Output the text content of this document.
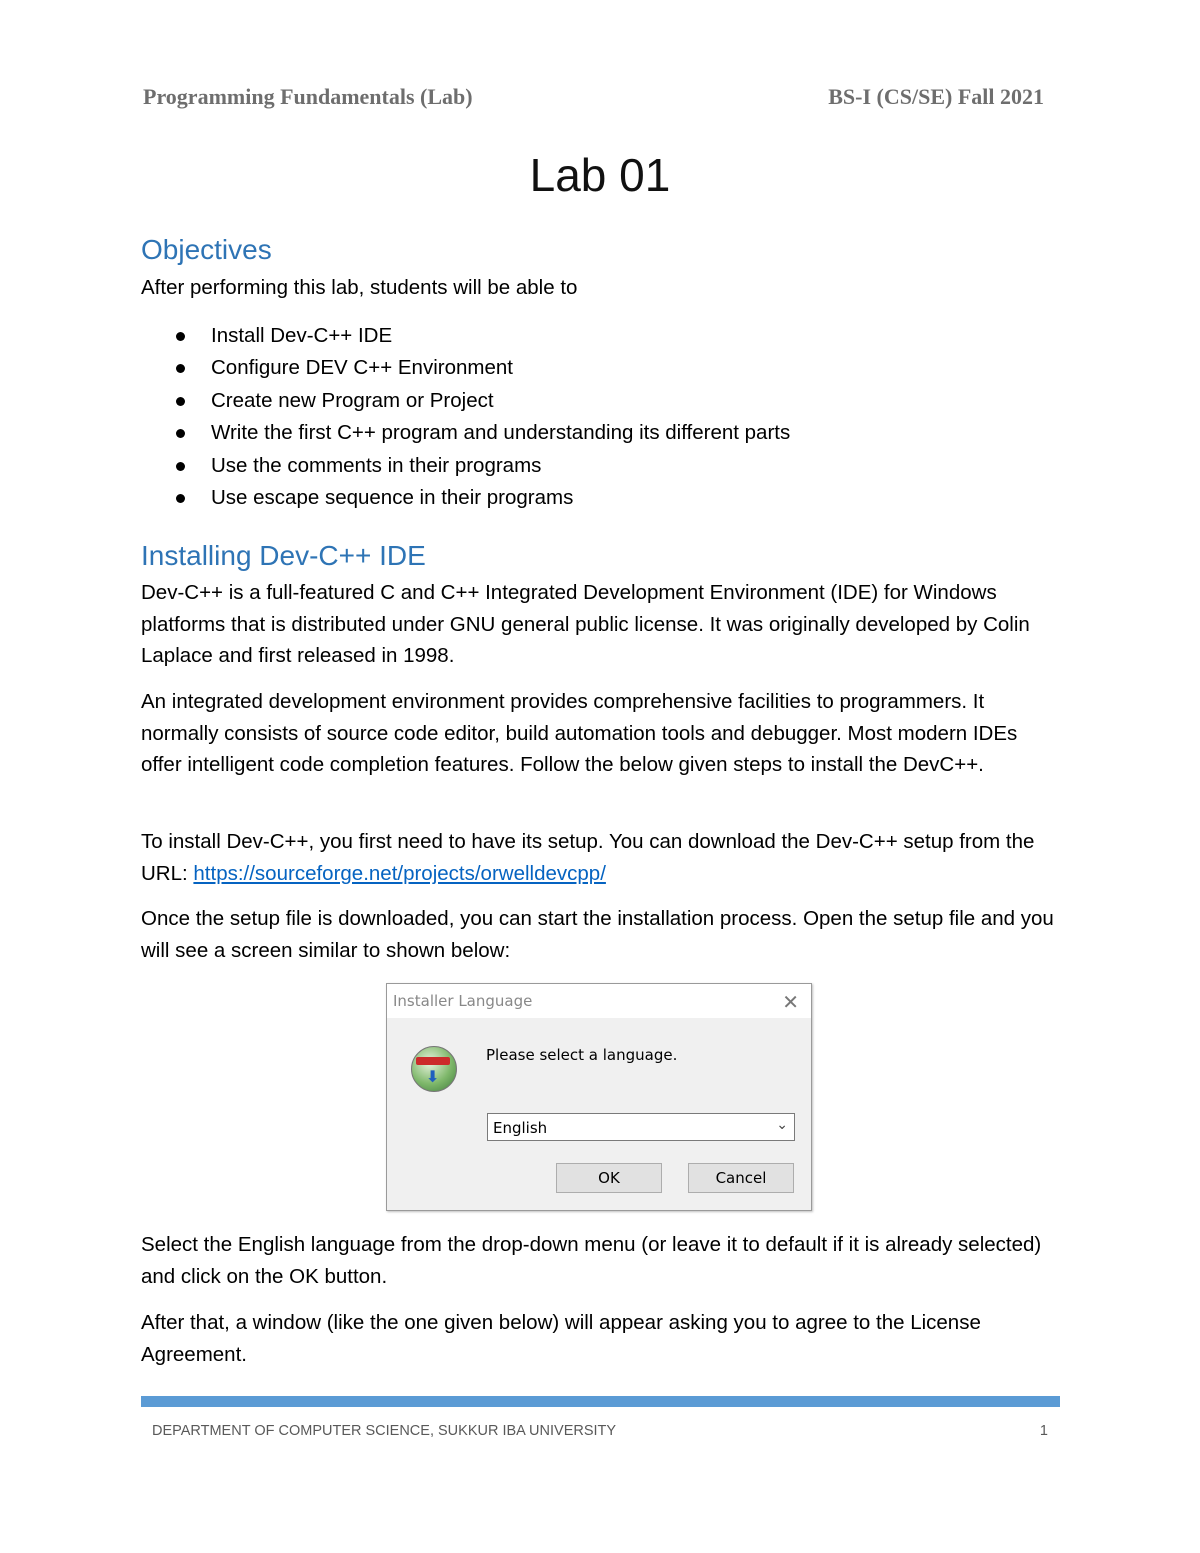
Programming Fundamentals (Lab)	BS-I (CS/SE) Fall 2021
Lab 01
Objectives
After performing this lab, students will be able to
Install Dev-C++ IDE
Configure DEV C++ Environment
Create new Program or Project
Write the first C++ program and understanding its different parts
Use the comments in their programs
Use escape sequence in their programs
Installing Dev-C++ IDE
Dev-C++ is a full-featured C and C++ Integrated Development Environment (IDE) for Windows platforms that is distributed under GNU general public license. It was originally developed by Colin Laplace and first released in 1998.
An integrated development environment provides comprehensive facilities to programmers. It normally consists of source code editor, build automation tools and debugger. Most modern IDEs offer intelligent code completion features. Follow the below given steps to install the DevC++.
To install Dev-C++, you first need to have its setup. You can download the Dev-C++ setup from the URL: https://sourceforge.net/projects/orwelldevcpp/
Once the setup file is downloaded, you can start the installation process. Open the setup file and you will see a screen similar to shown below:
Installer Language	✕
⬇
Please select a language.
English	⌄
OK	Cancel
Select the English language from the drop-down menu (or leave it to default if it is already selected) and click on the OK button.
After that, a window (like the one given below) will appear asking you to agree to the License Agreement.
DEPARTMENT OF COMPUTER SCIENCE, SUKKUR IBA UNIVERSITY	1
